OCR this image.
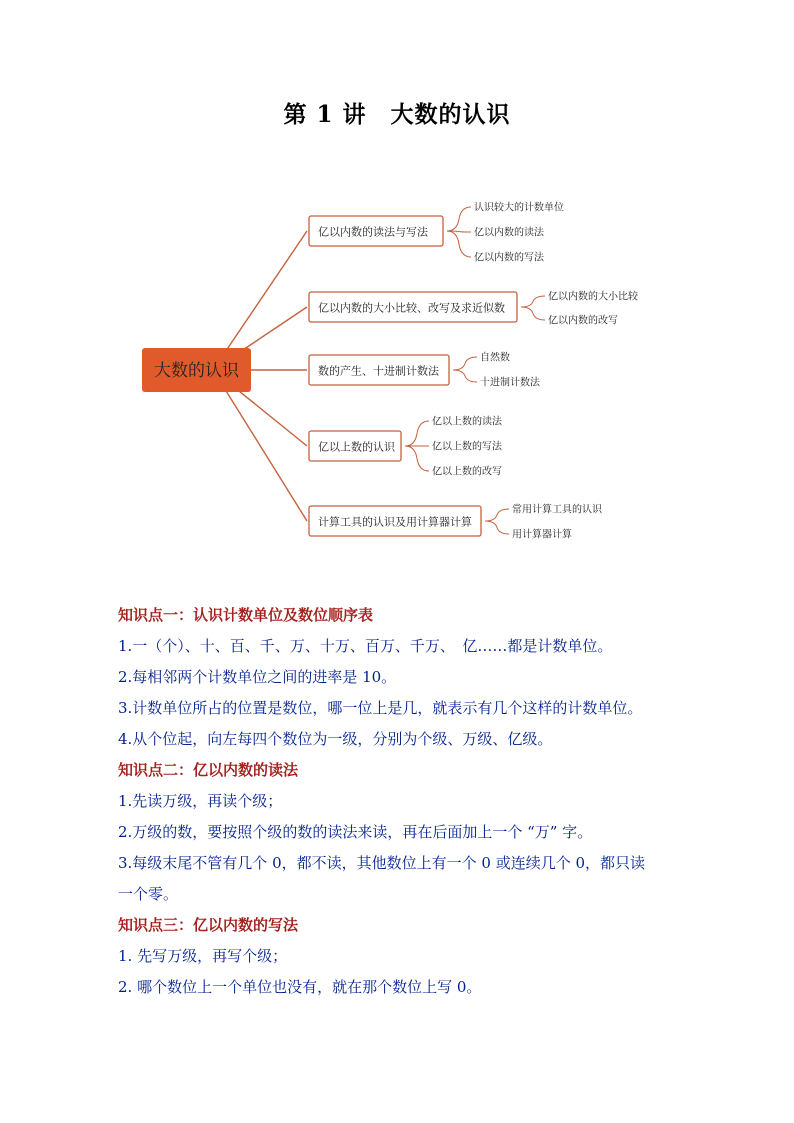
第 1 讲　大数的认识
大数的认识
亿以内数的读法与写法
认识较大的计数单位
亿以内数的读法
亿以内数的写法
亿以内数的大小比较、改写及求近似数
亿以内数的大小比较
亿以内数的改写
数的产生、十进制计数法
自然数
十进制计数法
亿以上数的认识
亿以上数的读法
亿以上数的写法
亿以上数的改写
计算工具的认识及用计算器计算
常用计算工具的认识
用计算器计算
知识点一：认识计数单位及数位顺序表
1.一（个）、十、百、千、万、十万、百万、千万、　亿……都是计数单位。
2.每相邻两个计数单位之间的进率是 10。
3.计数单位所占的位置是数位，哪一位上是几，就表示有几个这样的计数单位。
4.从个位起，向左每四个数位为一级，分别为个级、万级、亿级。
知识点二：亿以内数的读法
1.先读万级，再读个级；
2.万级的数，要按照个级的数的读法来读，再在后面加上一个 “万” 字。
3.每级末尾不管有几个 0，都不读，其他数位上有一个 0 或连续几个 0，都只读
一个零。
知识点三：亿以内数的写法
1. 先写万级，再写个级；
2. 哪个数位上一个单位也没有，就在那个数位上写 0。
